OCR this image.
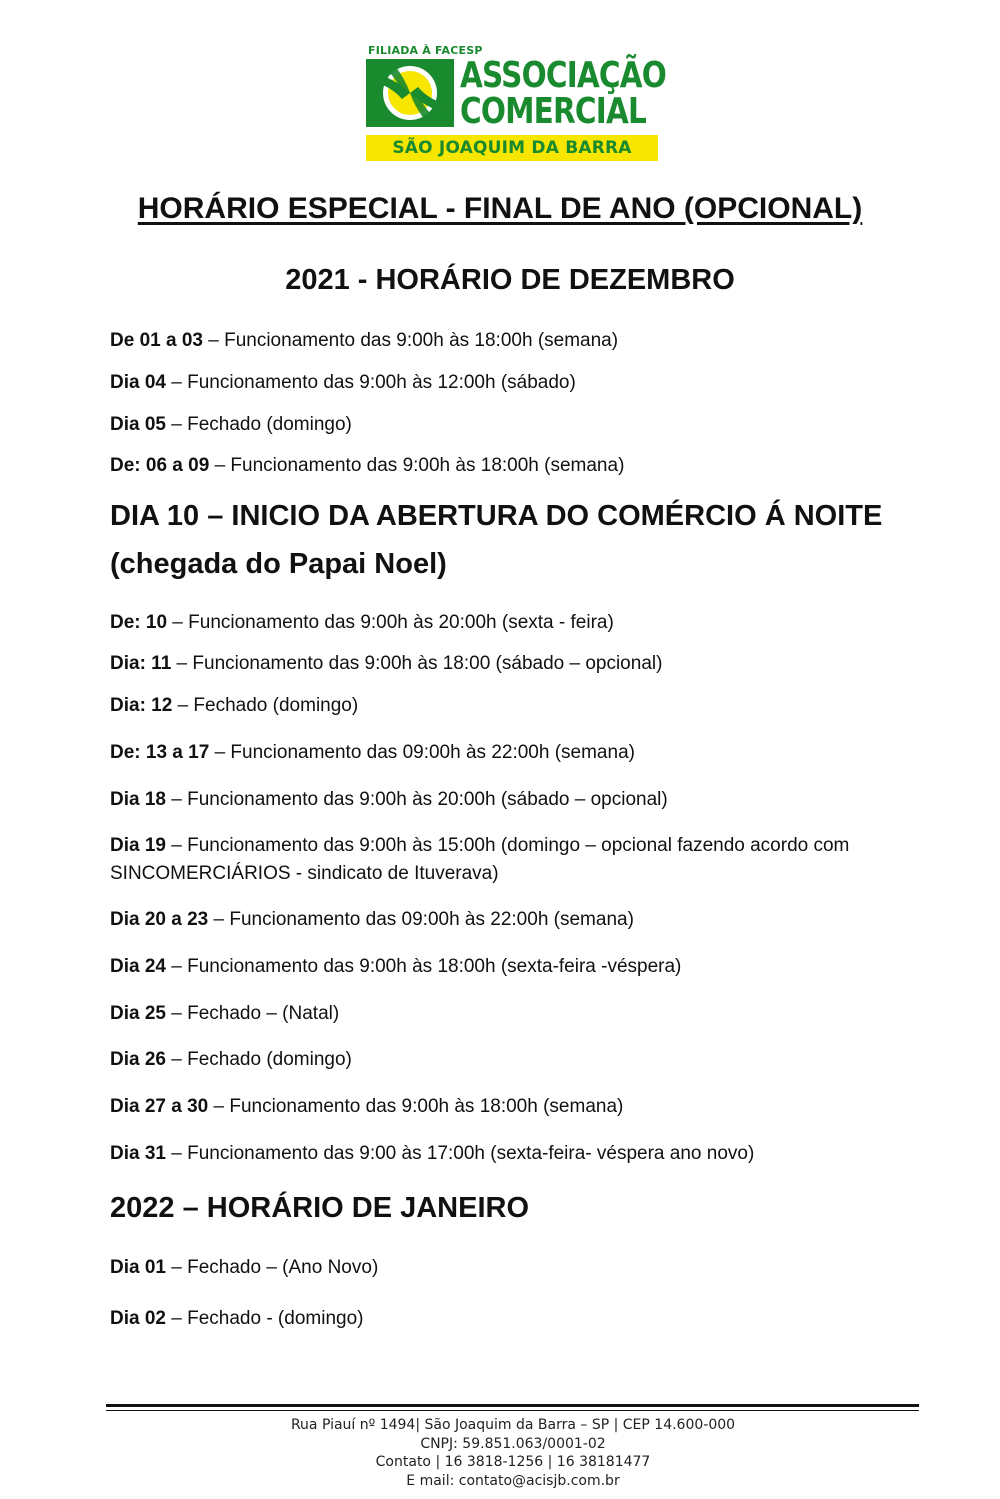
FILIADA À FACESP
ASSOCIAÇÃO
COMERCIAL
SÃO JOAQUIM DA BARRA
HORÁRIO ESPECIAL - FINAL DE ANO (OPCIONAL)
2021 - HORÁRIO DE DEZEMBRO
De 01 a 03 – Funcionamento das 9:00h às 18:00h (semana)
Dia 04 – Funcionamento das 9:00h às 12:00h (sábado)
Dia 05 – Fechado (domingo)
De: 06 a 09 – Funcionamento das 9:00h às 18:00h (semana)
DIA 10 – INICIO DA ABERTURA DO COMÉRCIO Á NOITE
(chegada do Papai Noel)
De: 10 – Funcionamento das 9:00h às 20:00h (sexta - feira)
Dia: 11 – Funcionamento das 9:00h às 18:00 (sábado – opcional)
Dia: 12 – Fechado (domingo)
De: 13 a 17 – Funcionamento das 09:00h às 22:00h (semana)
Dia 18 – Funcionamento das 9:00h às 20:00h (sábado – opcional)
Dia 19 – Funcionamento das 9:00h às 15:00h (domingo – opcional fazendo acordo com SINCOMERCIÁRIOS - sindicato de Ituverava)
Dia 20 a 23 – Funcionamento das 09:00h às 22:00h (semana)
Dia 24 – Funcionamento das 9:00h às 18:00h (sexta-feira -véspera)
Dia 25 – Fechado – (Natal)
Dia 26 – Fechado (domingo)
Dia 27 a 30 – Funcionamento das 9:00h às 18:00h (semana)
Dia 31 – Funcionamento das 9:00 às 17:00h (sexta-feira- véspera ano novo)
2022 – HORÁRIO DE JANEIRO
Dia 01 – Fechado – (Ano Novo)
Dia 02 – Fechado - (domingo)
Rua Piauí nº 1494| São Joaquim da Barra – SP | CEP 14.600-000
CNPJ: 59.851.063/0001-02
Contato | 16 3818-1256 | 16 38181477
E mail: contato@acisjb.com.br
